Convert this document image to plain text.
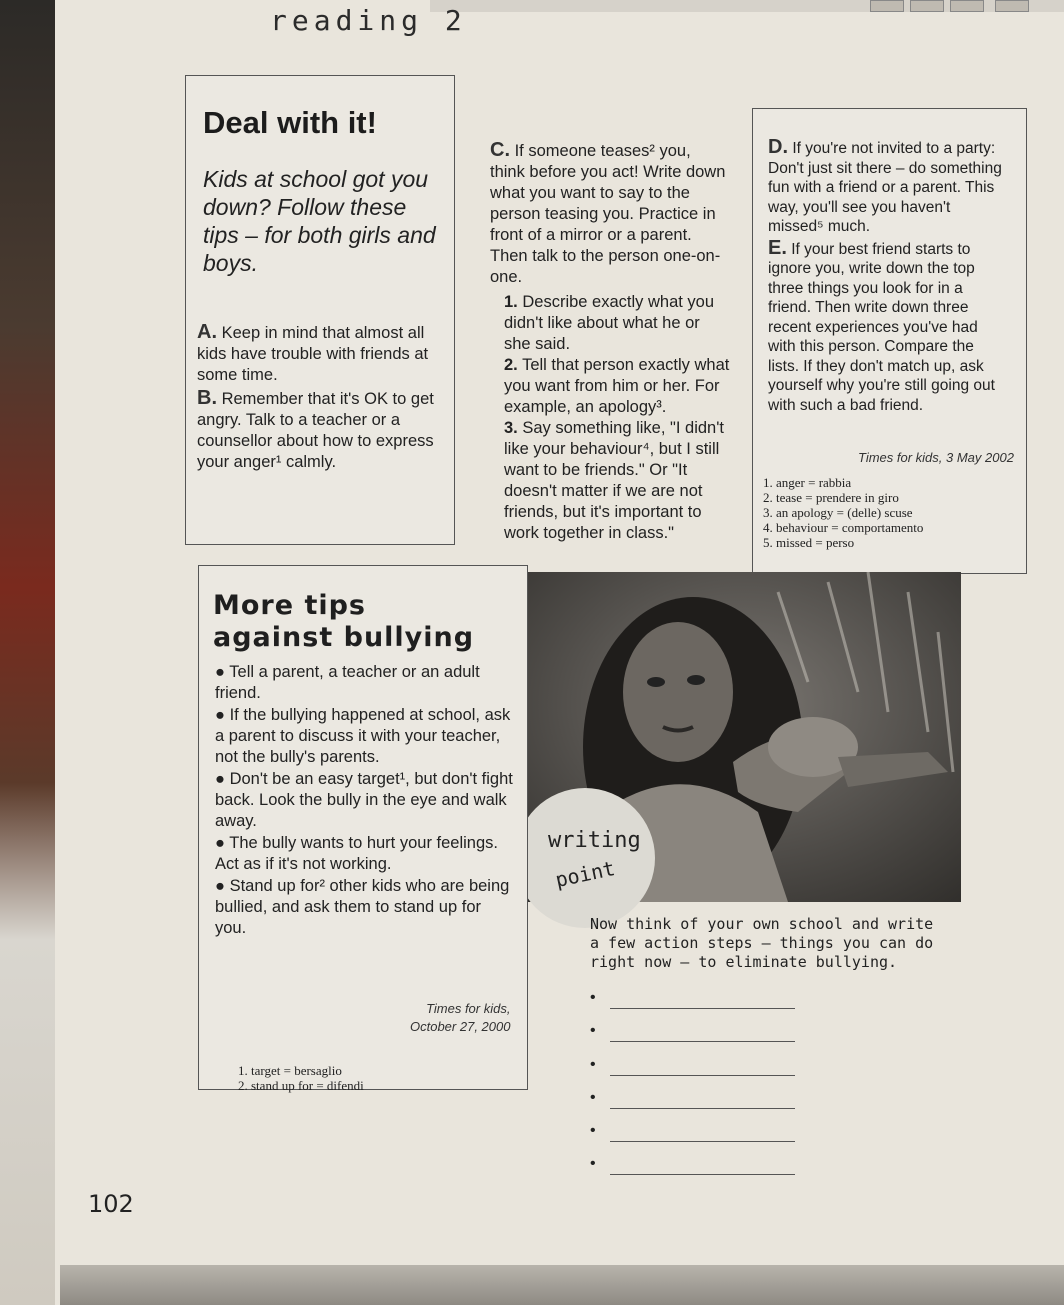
reading 2
Deal with it!
Kids at school got you down? Follow these tips – for both girls and boys.
A. Keep in mind that almost all kids have trouble with friends at some time.
B. Remember that it's OK to get angry. Talk to a teacher or a counsellor about how to express your anger¹ calmly.
C. If someone teases² you, think before you act! Write down what you want to say to the person teasing you. Practice in front of a mirror or a parent. Then talk to the person one-on-one.
1. Describe exactly what you didn't like about what he or she said.
2. Tell that person exactly what you want from him or her. For example, an apology³.
3. Say something like, "I didn't like your behaviour⁴, but I still want to be friends." Or "It doesn't matter if we are not friends, but it's important to work together in class."
D. If you're not invited to a party: Don't just sit there – do something fun with a friend or a parent. This way, you'll see you haven't missed⁵ much.
E. If your best friend starts to ignore you, write down the top three things you look for in a friend. Then write down three recent experiences you've had with this person. Compare the lists. If they don't match up, ask yourself why you're still going out with such a bad friend.
Times for kids, 3 May 2002
1. anger = rabbia
2. tease = prendere in giro
3. an apology = (delle) scuse
4. behaviour = comportamento
5. missed = perso
writing
point
More tips
against bullying
● Tell a parent, a teacher or an adult friend.
● If the bullying happened at school, ask a parent to discuss it with your teacher, not the bully's parents.
● Don't be an easy target¹, but don't fight back. Look the bully in the eye and walk away.
● The bully wants to hurt your feelings. Act as if it's not working.
● Stand up for² other kids who are being bullied, and ask them to stand up for you.
Times for kids,
October 27, 2000
1. target = bersaglio
2. stand up for = difendi
Now think of your own school and write a few action steps – things you can do right now – to eliminate bullying.
•
•
•
•
•
•
102
